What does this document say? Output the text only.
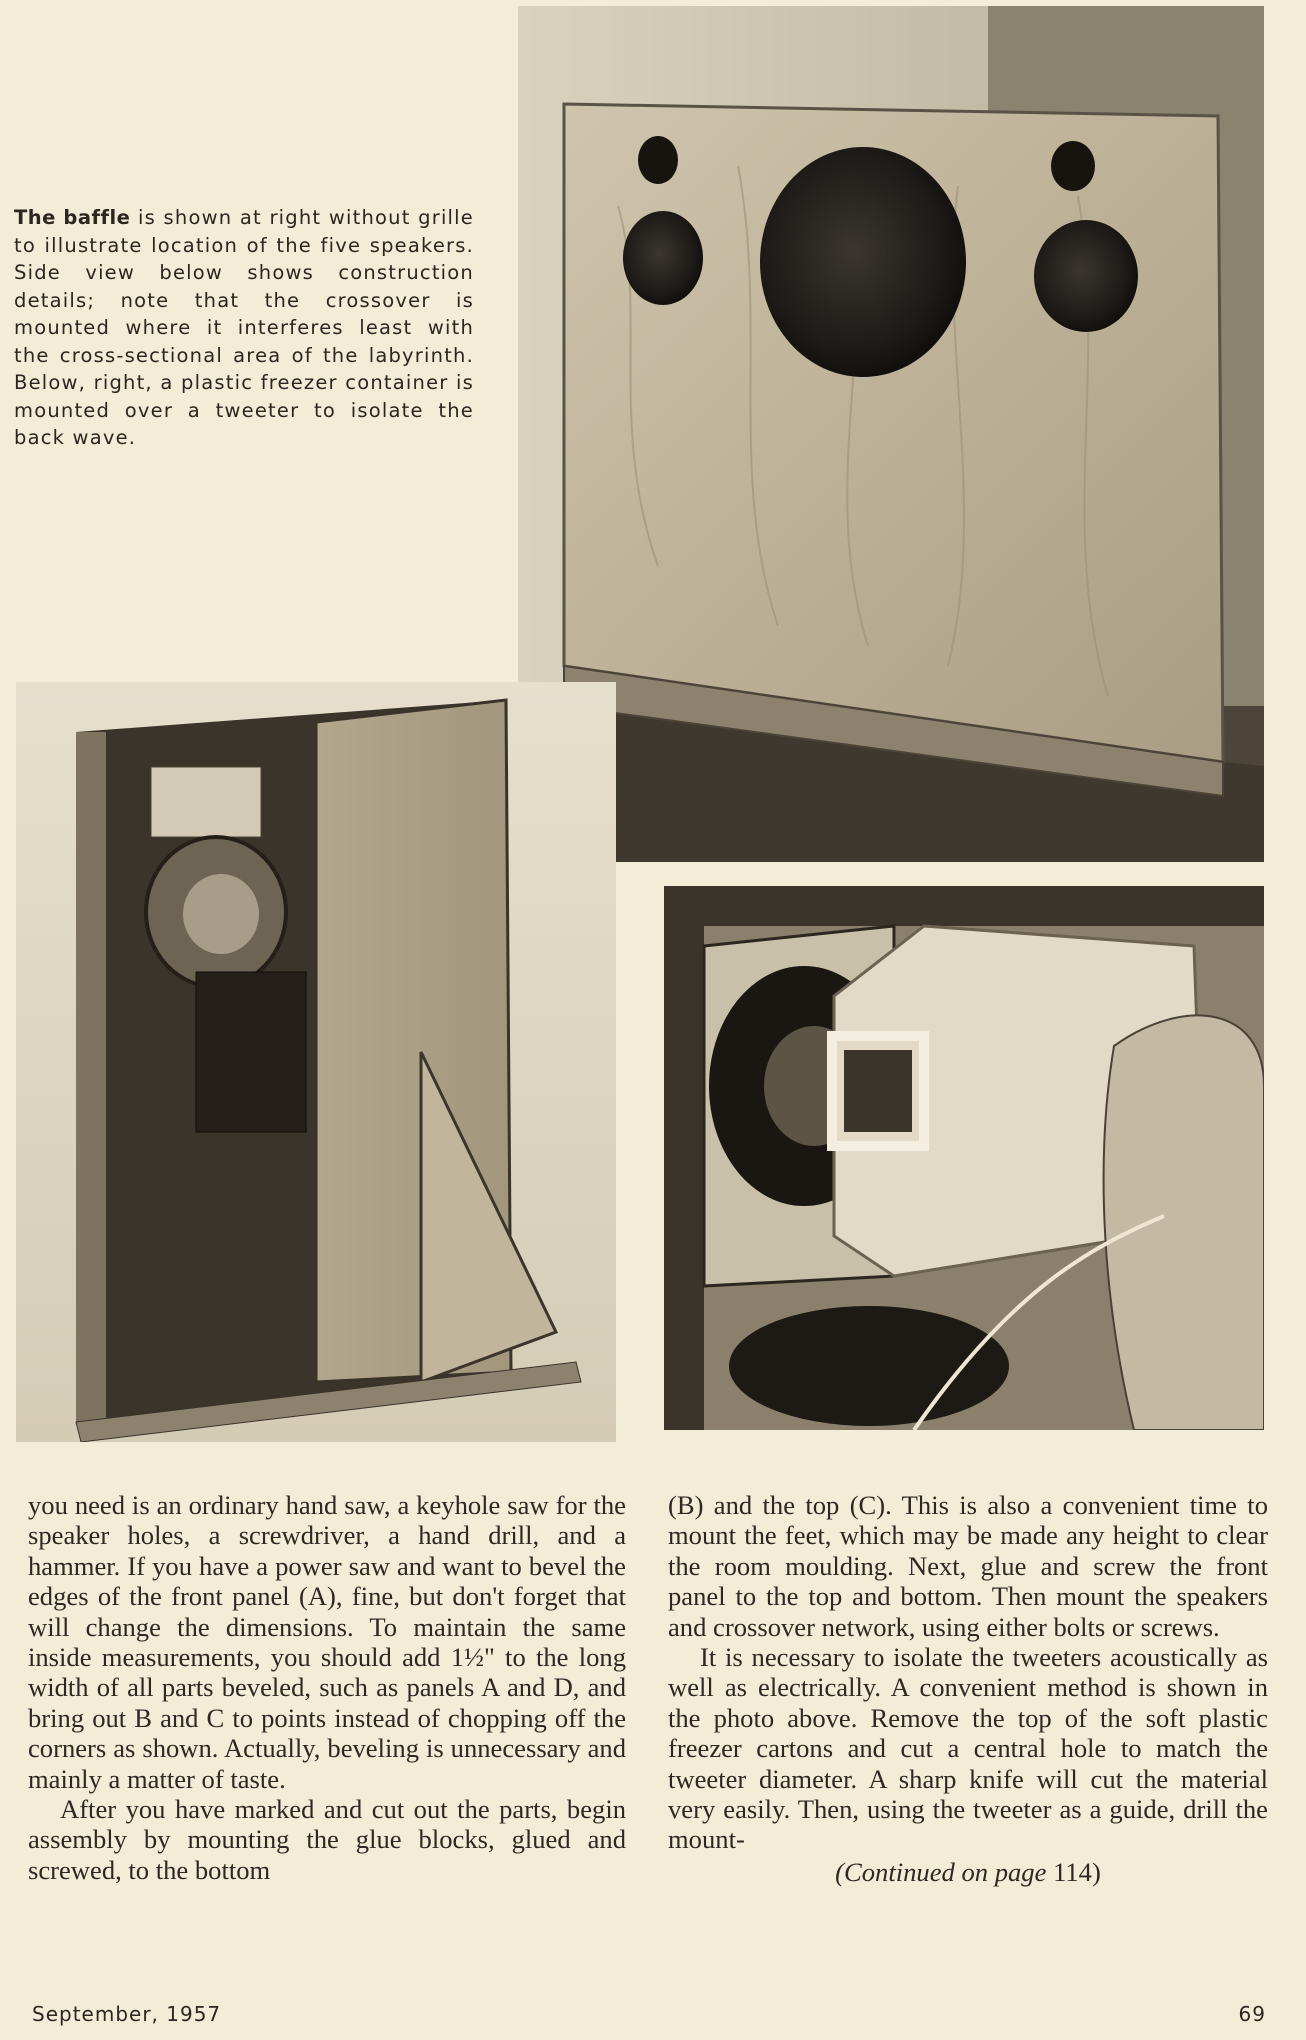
The baffle is shown at right without grille to illustrate location of the five speakers. Side view below shows construction details; note that the crossover is mounted where it interferes least with the cross-sectional area of the labyrinth. Below, right, a plastic freezer container is mounted over a tweeter to isolate the back wave.

you need is an ordinary hand saw, a keyhole saw for the speaker holes, a screwdriver, a hand drill, and a hammer. If you have a power saw and want to bevel the edges of the front panel (A), fine, but don't forget that will change the dimensions. To maintain the same inside measurements, you should add 1½" to the long width of all parts beveled, such as panels A and D, and bring out B and C to points instead of chopping off the corners as shown. Actually, beveling is unnecessary and mainly a matter of taste.

After you have marked and cut out the parts, begin assembly by mounting the glue blocks, glued and screwed, to the bottom

(B) and the top (C). This is also a convenient time to mount the feet, which may be made any height to clear the room moulding. Next, glue and screw the front panel to the top and bottom. Then mount the speakers and crossover network, using either bolts or screws.

It is necessary to isolate the tweeters acoustically as well as electrically. A convenient method is shown in the photo above. Remove the top of the soft plastic freezer cartons and cut a central hole to match the tweeter diameter. A sharp knife will cut the material very easily. Then, using the tweeter as a guide, drill the mount-

(Continued on page 114)
September, 1957	69
